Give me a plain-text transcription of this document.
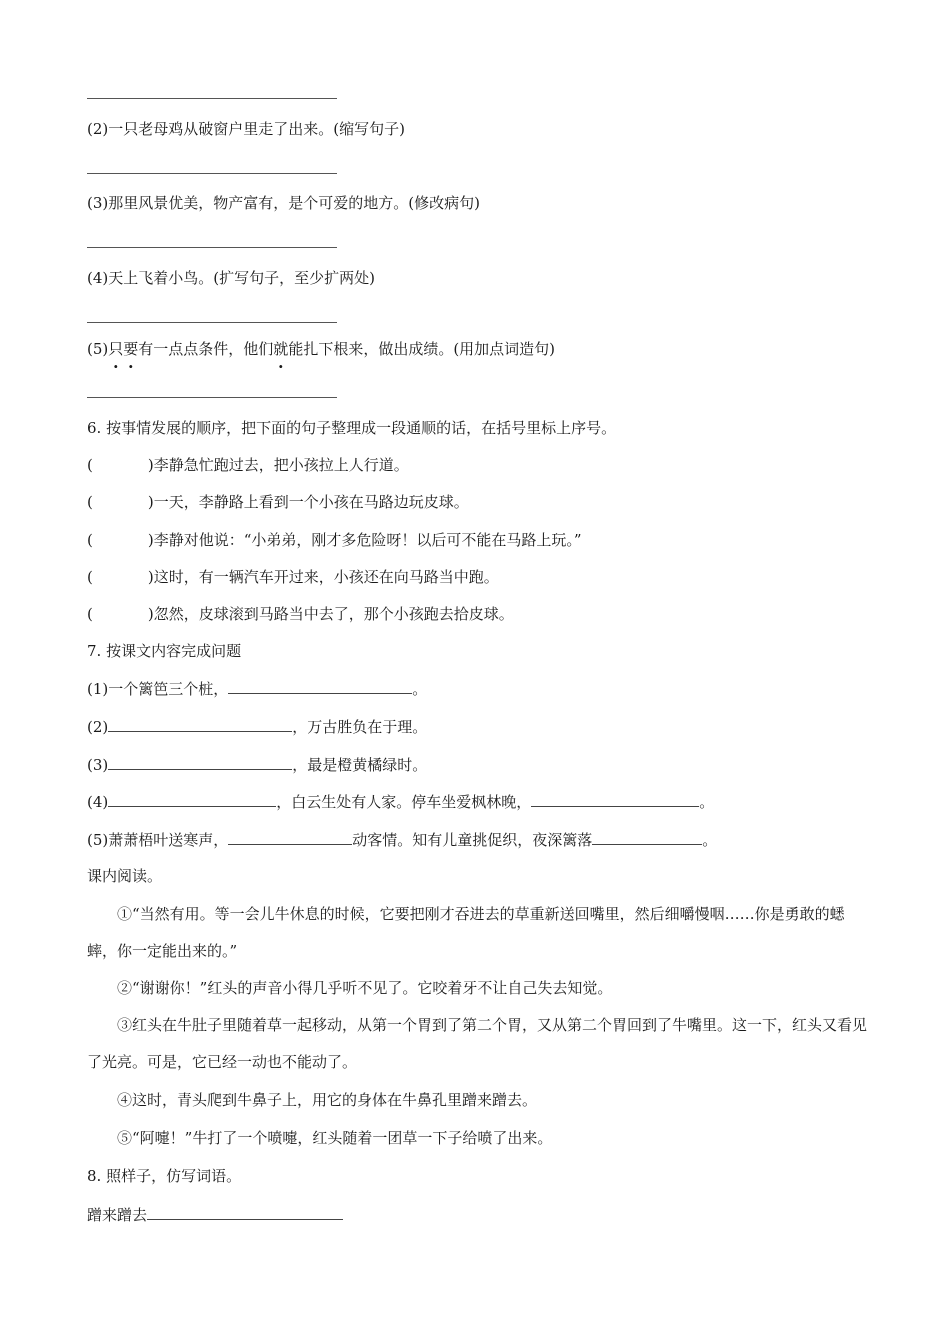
(2)一只老母鸡从破窗户里走了出来。(缩写句子)
(3)那里风景优美，物产富有，是个可爱的地方。(修改病句)
(4)天上飞着小鸟。(扩写句子，至少扩两处)
(5)只要有一点点条件，他们就能扎下根来，做出成绩。(用加点词造句)
6. 按事情发展的顺序，把下面的句子整理成一段通顺的话，在括号里标上序号。
(	)李静急忙跑过去，把小孩拉上人行道。
(	)一天，李静路上看到一个小孩在马路边玩皮球。
(	)李静对他说：“小弟弟，刚才多危险呀！以后可不能在马路上玩。”
(	)这时，有一辆汽车开过来，小孩还在向马路当中跑。
(	)忽然，皮球滚到马路当中去了，那个小孩跑去拾皮球。
7. 按课文内容完成问题
(1)一个篱笆三个桩，	。
(2)	，万古胜负在于理。
(3)	，最是橙黄橘绿时。
(4)	，白云生处有人家。停车坐爱枫林晚，	。
(5)萧萧梧叶送寒声，	动客情。知有儿童挑促织，夜深篱落	。
课内阅读。
①“当然有用。等一会儿牛休息的时候，它要把刚才吞进去的草重新送回嘴里，然后细嚼慢咽……你是勇敢的蟋蟀，你一定能出来的。”
②“谢谢你！”红头的声音小得几乎听不见了。它咬着牙不让自己失去知觉。
③红头在牛肚子里随着草一起移动，从第一个胃到了第二个胃，又从第二个胃回到了牛嘴里。这一下，红头又看见了光亮。可是，它已经一动也不能动了。
④这时，青头爬到牛鼻子上，用它的身体在牛鼻孔里蹭来蹭去。
⑤“阿嚏！”牛打了一个喷嚏，红头随着一团草一下子给喷了出来。
8. 照样子，仿写词语。
蹭来蹭去
